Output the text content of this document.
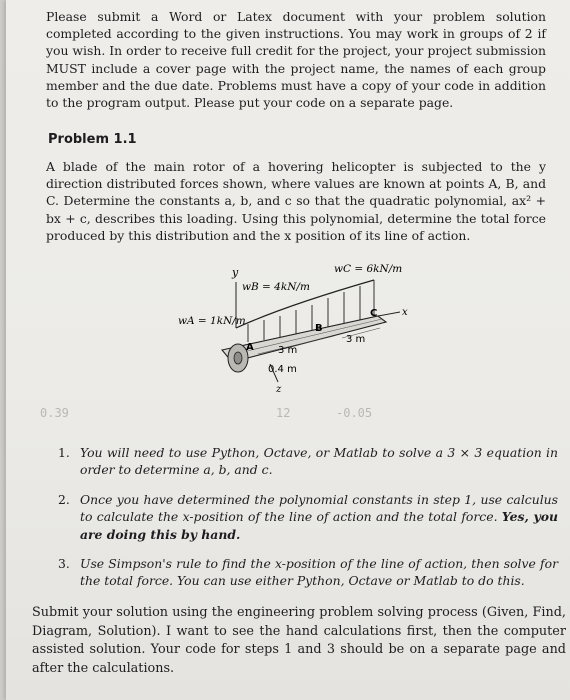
Please submit a Word or Latex document with your problem solution completed according to the given instructions. You may work in groups of 2 if you wish. In order to receive full credit for the project, your project submission MUST include a cover page with the project name, the names of each group member and the due date. Problems must have a copy of your code in addition to the program output. Please put your code on a separate page.

Problem 1.1

A blade of the main rotor of a hovering helicopter is subjected to the y direction distributed forces shown, where values are known at points A, B, and C. Determine the constants a, b, and c so that the quadratic polynomial, ax² + bx + c, describes this loading. Using this polynomial, determine the total force produced by this distribution and the x position of its line of action.

y
x
z
A
B
C
wC = 6kN/m
wB = 4kN/m
wA = 1kN/m
3 m
3 m
0.4 m
0.39	12	-0.05
1. You will need to use Python, Octave, or Matlab to solve a 3 × 3 equation in order to determine a, b, and c.
2. Once you have determined the polynomial constants in step 1, use calculus to calculate the x-position of the line of action and the total force. Yes, you are doing this by hand.
3. Use Simpson's rule to find the x-position of the line of action, then solve for the total force. You can use either Python, Octave or Matlab to do this.

Submit your solution using the engineering problem solving process (Given, Find, Diagram, Solution). I want to see the hand calculations first, then the computer assisted solution. Your code for steps 1 and 3 should be on a separate page and after the calculations.
